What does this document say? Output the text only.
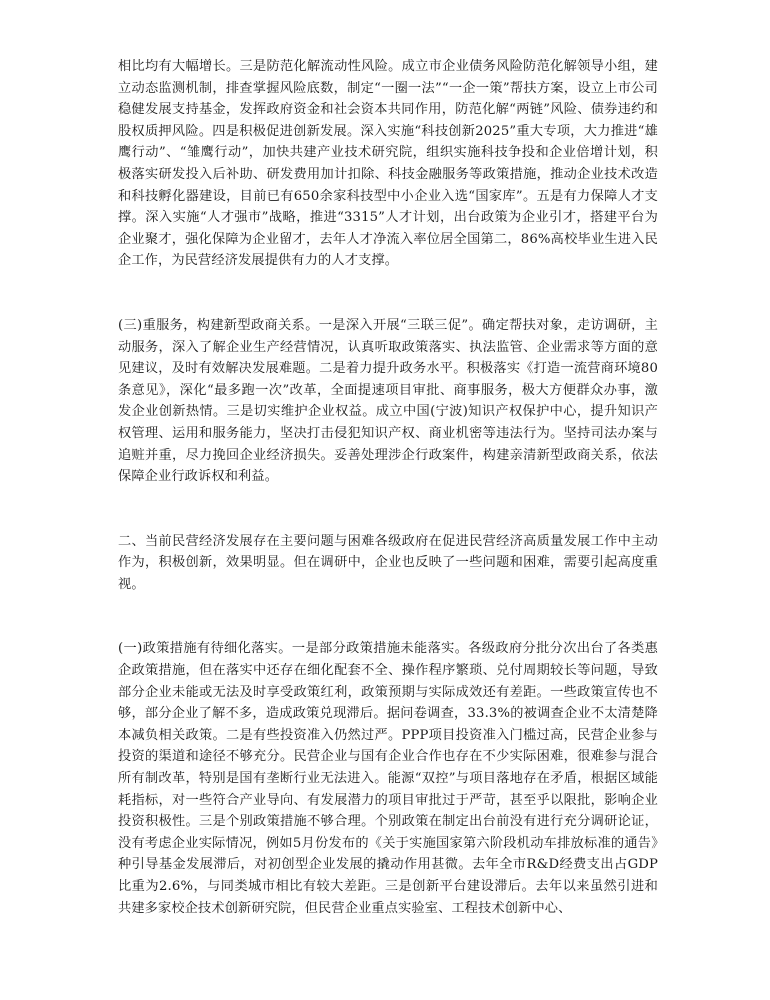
相比均有大幅增长。三是防范化解流动性风险。成立市企业债务风险防范化解领导小组，建立动态监测机制，排查掌握风险底数，制定“一圈一法”“一企一策”帮扶方案，设立上市公司稳健发展支持基金，发挥政府资金和社会资本共同作用，防范化解“两链”风险、债券违约和股权质押风险。四是积极促进创新发展。深入实施“科技创新2025”重大专项，大力推进“雄鹰行动”、“雏鹰行动”，加快共建产业技术研究院，组织实施科技争投和企业倍增计划，积极落实研发投入后补助、研发费用加计扣除、科技金融服务等政策措施，推动企业技术改造和科技孵化器建设，目前已有650余家科技型中小企业入选“国家库”。五是有力保障人才支撑。深入实施“人才强市”战略，推进“3315”人才计划，出台政策为企业引才，搭建平台为企业聚才，强化保障为企业留才，去年人才净流入率位居全国第二，86%高校毕业生进入民企工作，为民营经济发展提供有力的人才支撑。

(三)重服务，构建新型政商关系。一是深入开展“三联三促”。确定帮扶对象，走访调研，主动服务，深入了解企业生产经营情况，认真听取政策落实、执法监管、企业需求等方面的意见建议，及时有效解决发展难题。二是着力提升政务水平。积极落实《打造一流营商环境80条意见》，深化“最多跑一次”改革，全面提速项目审批、商事服务，极大方便群众办事，激发企业创新热情。三是切实维护企业权益。成立中国(宁波)知识产权保护中心，提升知识产权管理、运用和服务能力，坚决打击侵犯知识产权、商业机密等违法行为。坚持司法办案与追赃并重，尽力挽回企业经济损失。妥善处理涉企行政案件，构建亲清新型政商关系，依法保障企业行政诉权和利益。

二、当前民营经济发展存在主要问题与困难各级政府在促进民营经济高质量发展工作中主动作为，积极创新，效果明显。但在调研中，企业也反映了一些问题和困难，需要引起高度重视。

(一)政策措施有待细化落实。一是部分政策措施未能落实。各级政府分批分次出台了各类惠企政策措施，但在落实中还存在细化配套不全、操作程序繁琐、兑付周期较长等问题，导致部分企业未能或无法及时享受政策红利，政策预期与实际成效还有差距。一些政策宣传也不够，部分企业了解不多，造成政策兑现滞后。据问卷调查，33.3%的被调查企业不太清楚降本减负相关政策。二是有些投资准入仍然过严。PPP项目投资准入门槛过高，民营企业参与投资的渠道和途径不够充分。民营企业与国有企业合作也存在不少实际困难，很难参与混合所有制改革，特别是国有垄断行业无法进入。能源“双控”与项目落地存在矛盾，根据区域能耗指标，对一些符合产业导向、有发展潜力的项目审批过于严苛，甚至乎以限批，影响企业投资积极性。三是个别政策措施不够合理。个别政策在制定出台前没有进行充分调研论证，没有考虑企业实际情况，例如5月份发布的《关于实施国家第六阶段机动车排放标准的通告》种引导基金发展滞后，对初创型企业发展的撬动作用甚微。去年全市R&D经费支出占GDP比重为2.6%，与同类城市相比有较大差距。三是创新平台建设滞后。去年以来虽然引进和共建多家校企技术创新研究院，但民营企业重点实验室、工程技术创新中心、
